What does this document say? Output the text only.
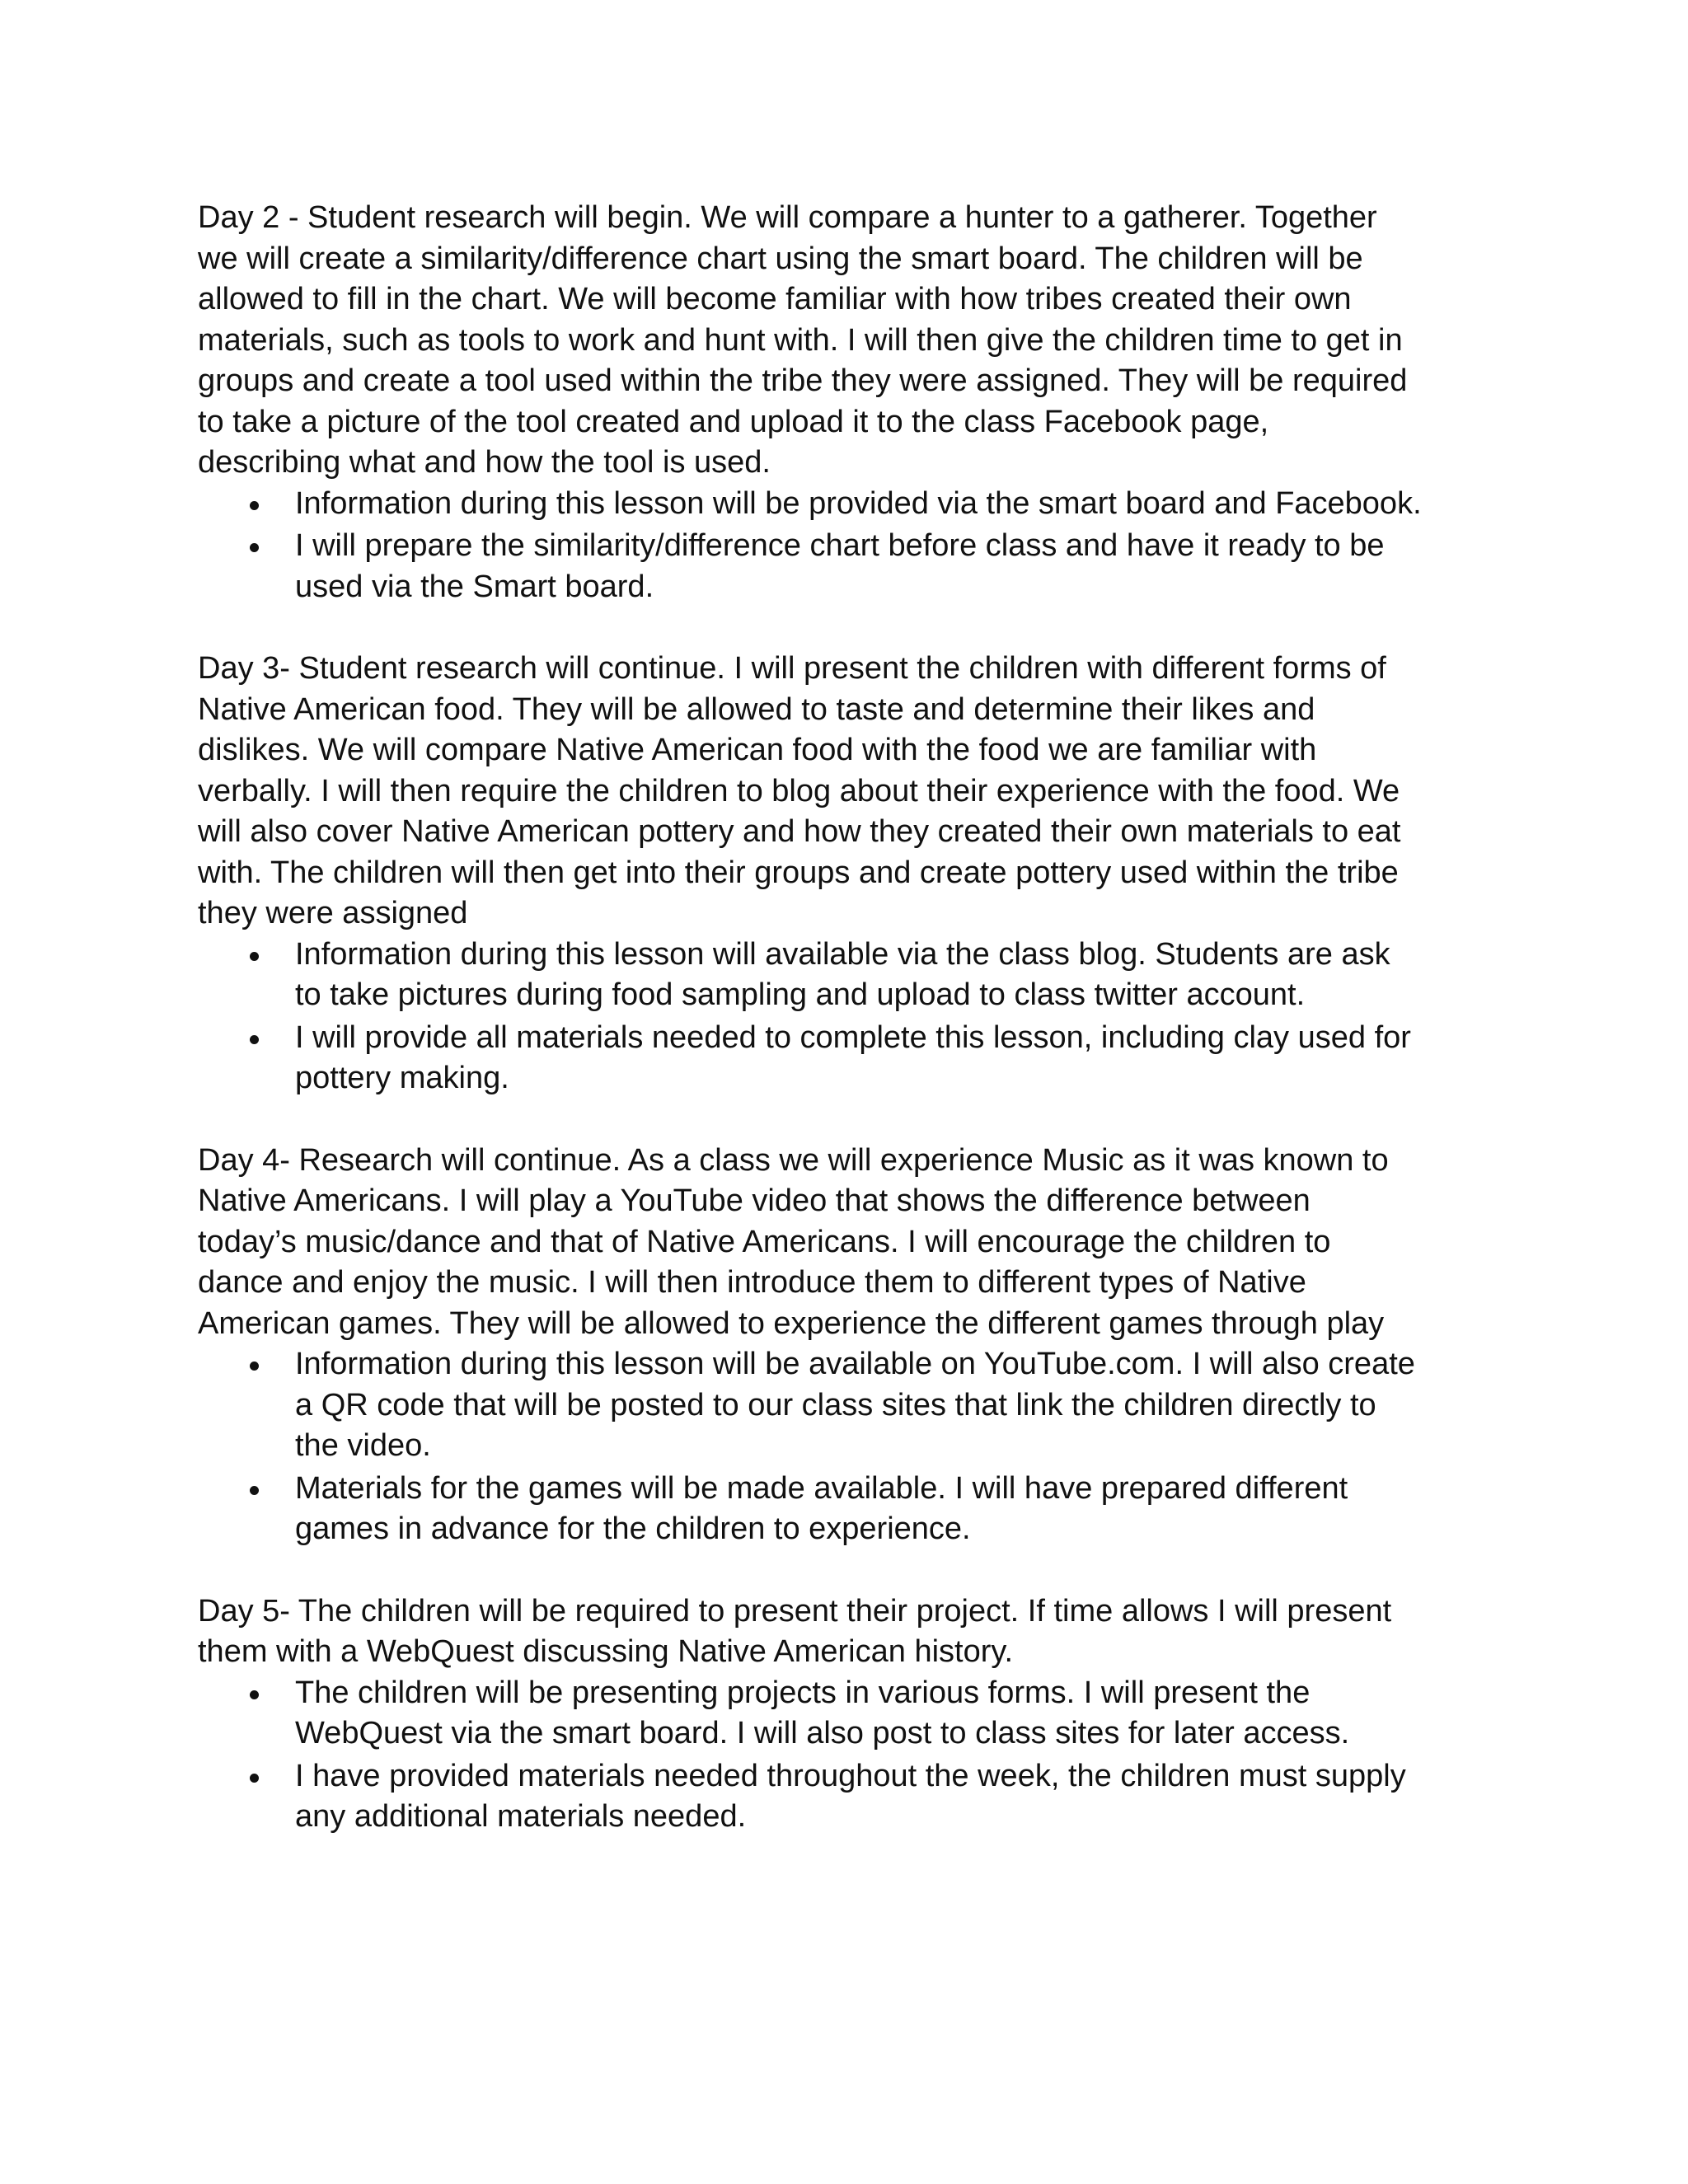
Day 2 - Student research will begin. We will compare a hunter to a gatherer. Together
we will create a similarity/difference chart using the smart board. The children will be
allowed to fill in the chart. We will become familiar with how tribes created their own
materials, such as tools to work and hunt with. I will then give the children time to get in
groups and create a tool used within the tribe they were assigned. They will be required
to take a picture of the tool created and upload it to the class Facebook page,
describing what and how the tool is used.

Information during this lesson will be provided via the smart board and Facebook.
I will prepare the similarity/difference chart before class and have it ready to be
used via the Smart board.

Day 3- Student research will continue. I will present the children with different forms of
Native American food. They will be allowed to taste and determine their likes and
dislikes. We will compare Native American food with the food we are familiar with
verbally. I will then require the children to blog about their experience with the food. We
will also cover Native American pottery and how they created their own materials to eat
with. The children will then get into their groups and create pottery used within the tribe
they were assigned

Information during this lesson will available via the class blog. Students are ask
to take pictures during food sampling and upload to class twitter account.
I will provide all materials needed to complete this lesson, including clay used for
pottery making.

Day 4- Research will continue. As a class we will experience Music as it was known to
Native Americans. I will play a YouTube video that shows the difference between
today’s music/dance and that of Native Americans. I will encourage the children to
dance and enjoy the music. I will then introduce them to different types of Native
American games. They will be allowed to experience the different games through play

Information during this lesson will be available on YouTube.com. I will also create
a QR code that will be posted to our class sites that link the children directly to
the video.
Materials for the games will be made available. I will have prepared different
games in advance for the children to experience.

Day 5- The children will be required to present their project. If time allows I will present
them with a WebQuest discussing Native American history.

The children will be presenting projects in various forms. I will present the
WebQuest via the smart board. I will also post to class sites for later access.
I have provided materials needed throughout the week, the children must supply
any additional materials needed.
